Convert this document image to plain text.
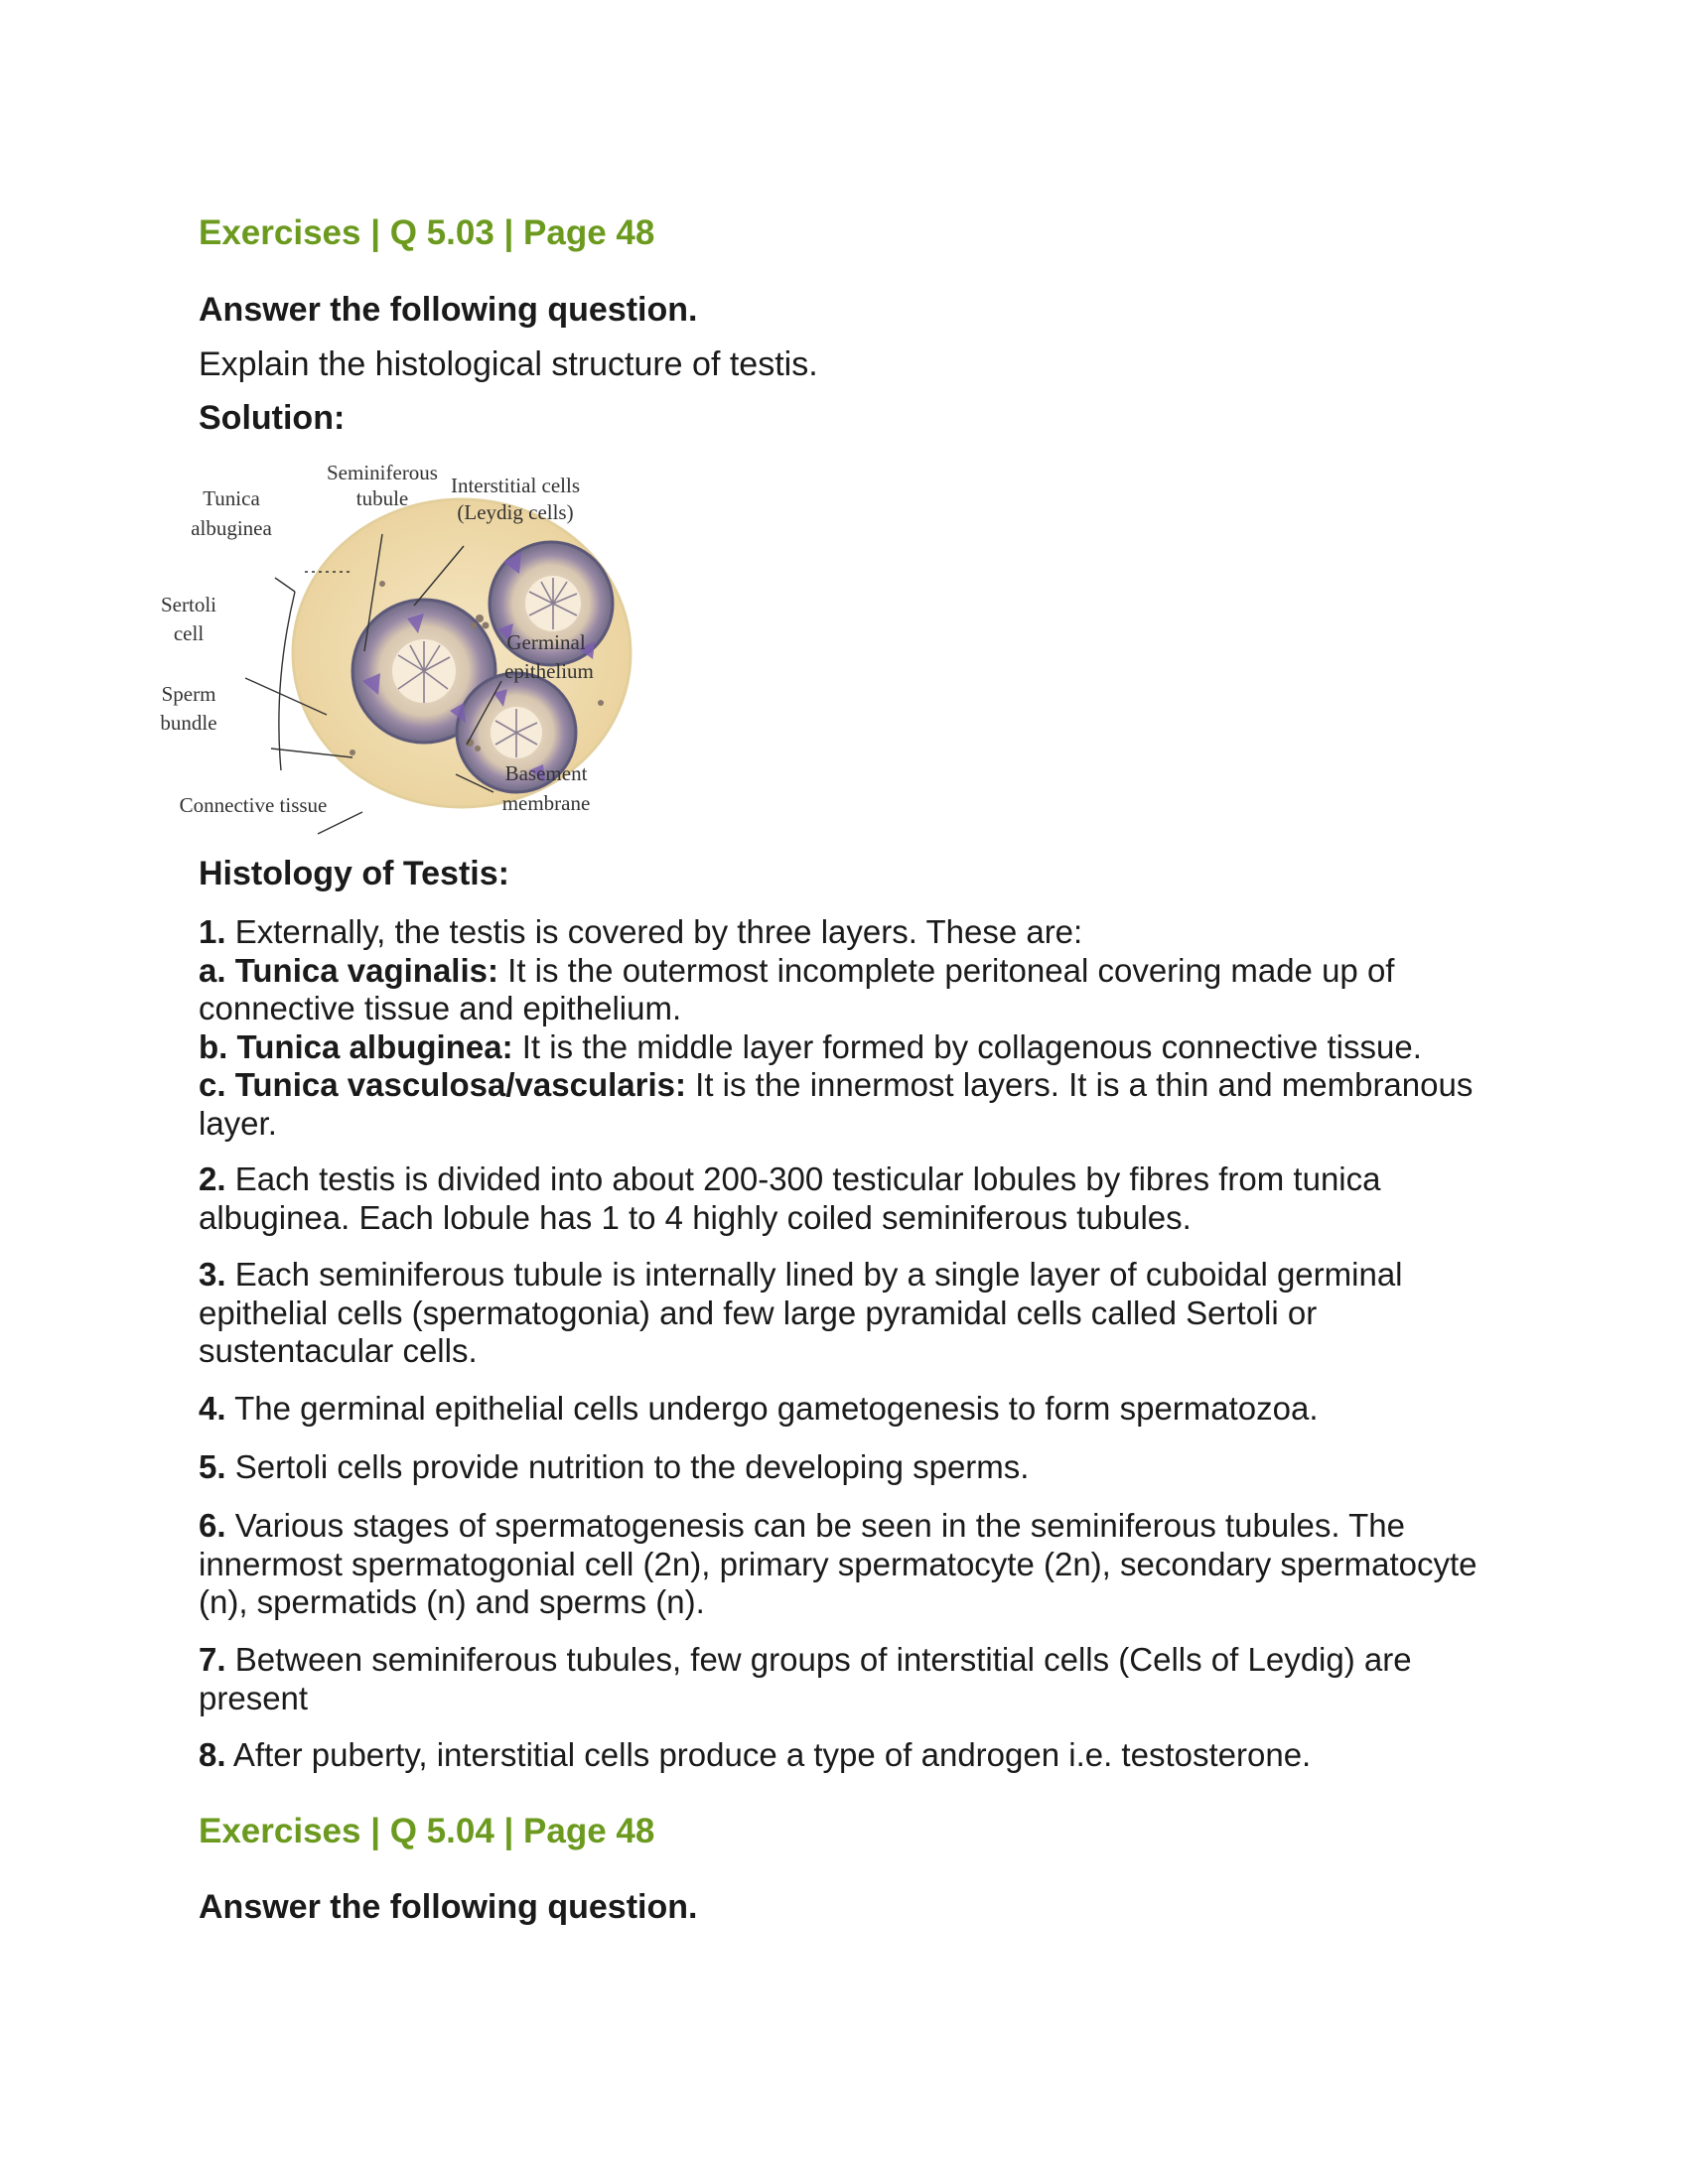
Exercises | Q 5.03 | Page 48
Answer the following question.
Explain the histological structure of testis.
Solution:
Seminiferous
tubule
Interstitial cells
(Leydig cells)
Tunica
albuginea
Sertoli
cell	Germinal
epithelium
Sperm
bundle
Basement
membrane
Connective tissue
Histology of Testis:
1. Externally, the testis is covered by three layers. These are:
a. Tunica vaginalis: It is the outermost incomplete peritoneal covering made up of connective tissue and epithelium.
b. Tunica albuginea: It is the middle layer formed by collagenous connective tissue.
c. Tunica vasculosa/vascularis: It is the innermost layers. It is a thin and membranous layer.
2. Each testis is divided into about 200-300 testicular lobules by fibres from tunica albuginea. Each lobule has 1 to 4 highly coiled seminiferous tubules.
3. Each seminiferous tubule is internally lined by a single layer of cuboidal germinal epithelial cells (spermatogonia) and few large pyramidal cells called Sertoli or sustentacular cells.
4. The germinal epithelial cells undergo gametogenesis to form spermatozoa.
5. Sertoli cells provide nutrition to the developing sperms.
6. Various stages of spermatogenesis can be seen in the seminiferous tubules. The innermost spermatogonial cell (2n), primary spermatocyte (2n), secondary spermatocyte (n), spermatids (n) and sperms (n).
7. Between seminiferous tubules, few groups of interstitial cells (Cells of Leydig) are present
8. After puberty, interstitial cells produce a type of androgen i.e. testosterone.
Exercises | Q 5.04 | Page 48
Answer the following question.
